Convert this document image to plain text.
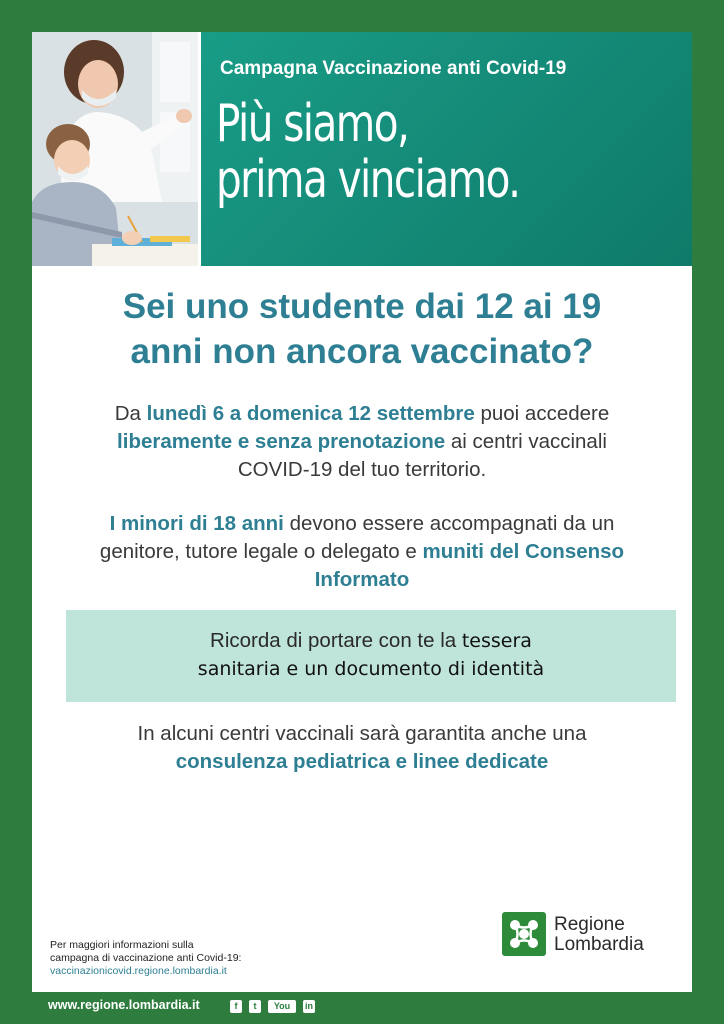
Campagna Vaccinazione anti Covid-19
Più siamo,
prima vinciamo.
Sei uno studente dai 12 ai 19
anni non ancora vaccinato?
Da lunedì 6 a domenica 12 settembre puoi accedere
liberamente e senza prenotazione ai centri vaccinali
COVID-19 del tuo territorio.
I minori di 18 anni devono essere accompagnati da un
genitore, tutore legale o delegato e muniti del Consenso
Informato
Ricorda di portare con te la tessera
sanitaria e un documento di identità
In alcuni centri vaccinali sarà garantita anche una
consulenza pediatrica e linee dedicate
Per maggiori informazioni sulla
campagna di vaccinazione anti Covid-19:
vaccinazionicovid.regione.lombardia.it
Regione
Lombardia
www.regione.lombardia.it	f	t	You	in
